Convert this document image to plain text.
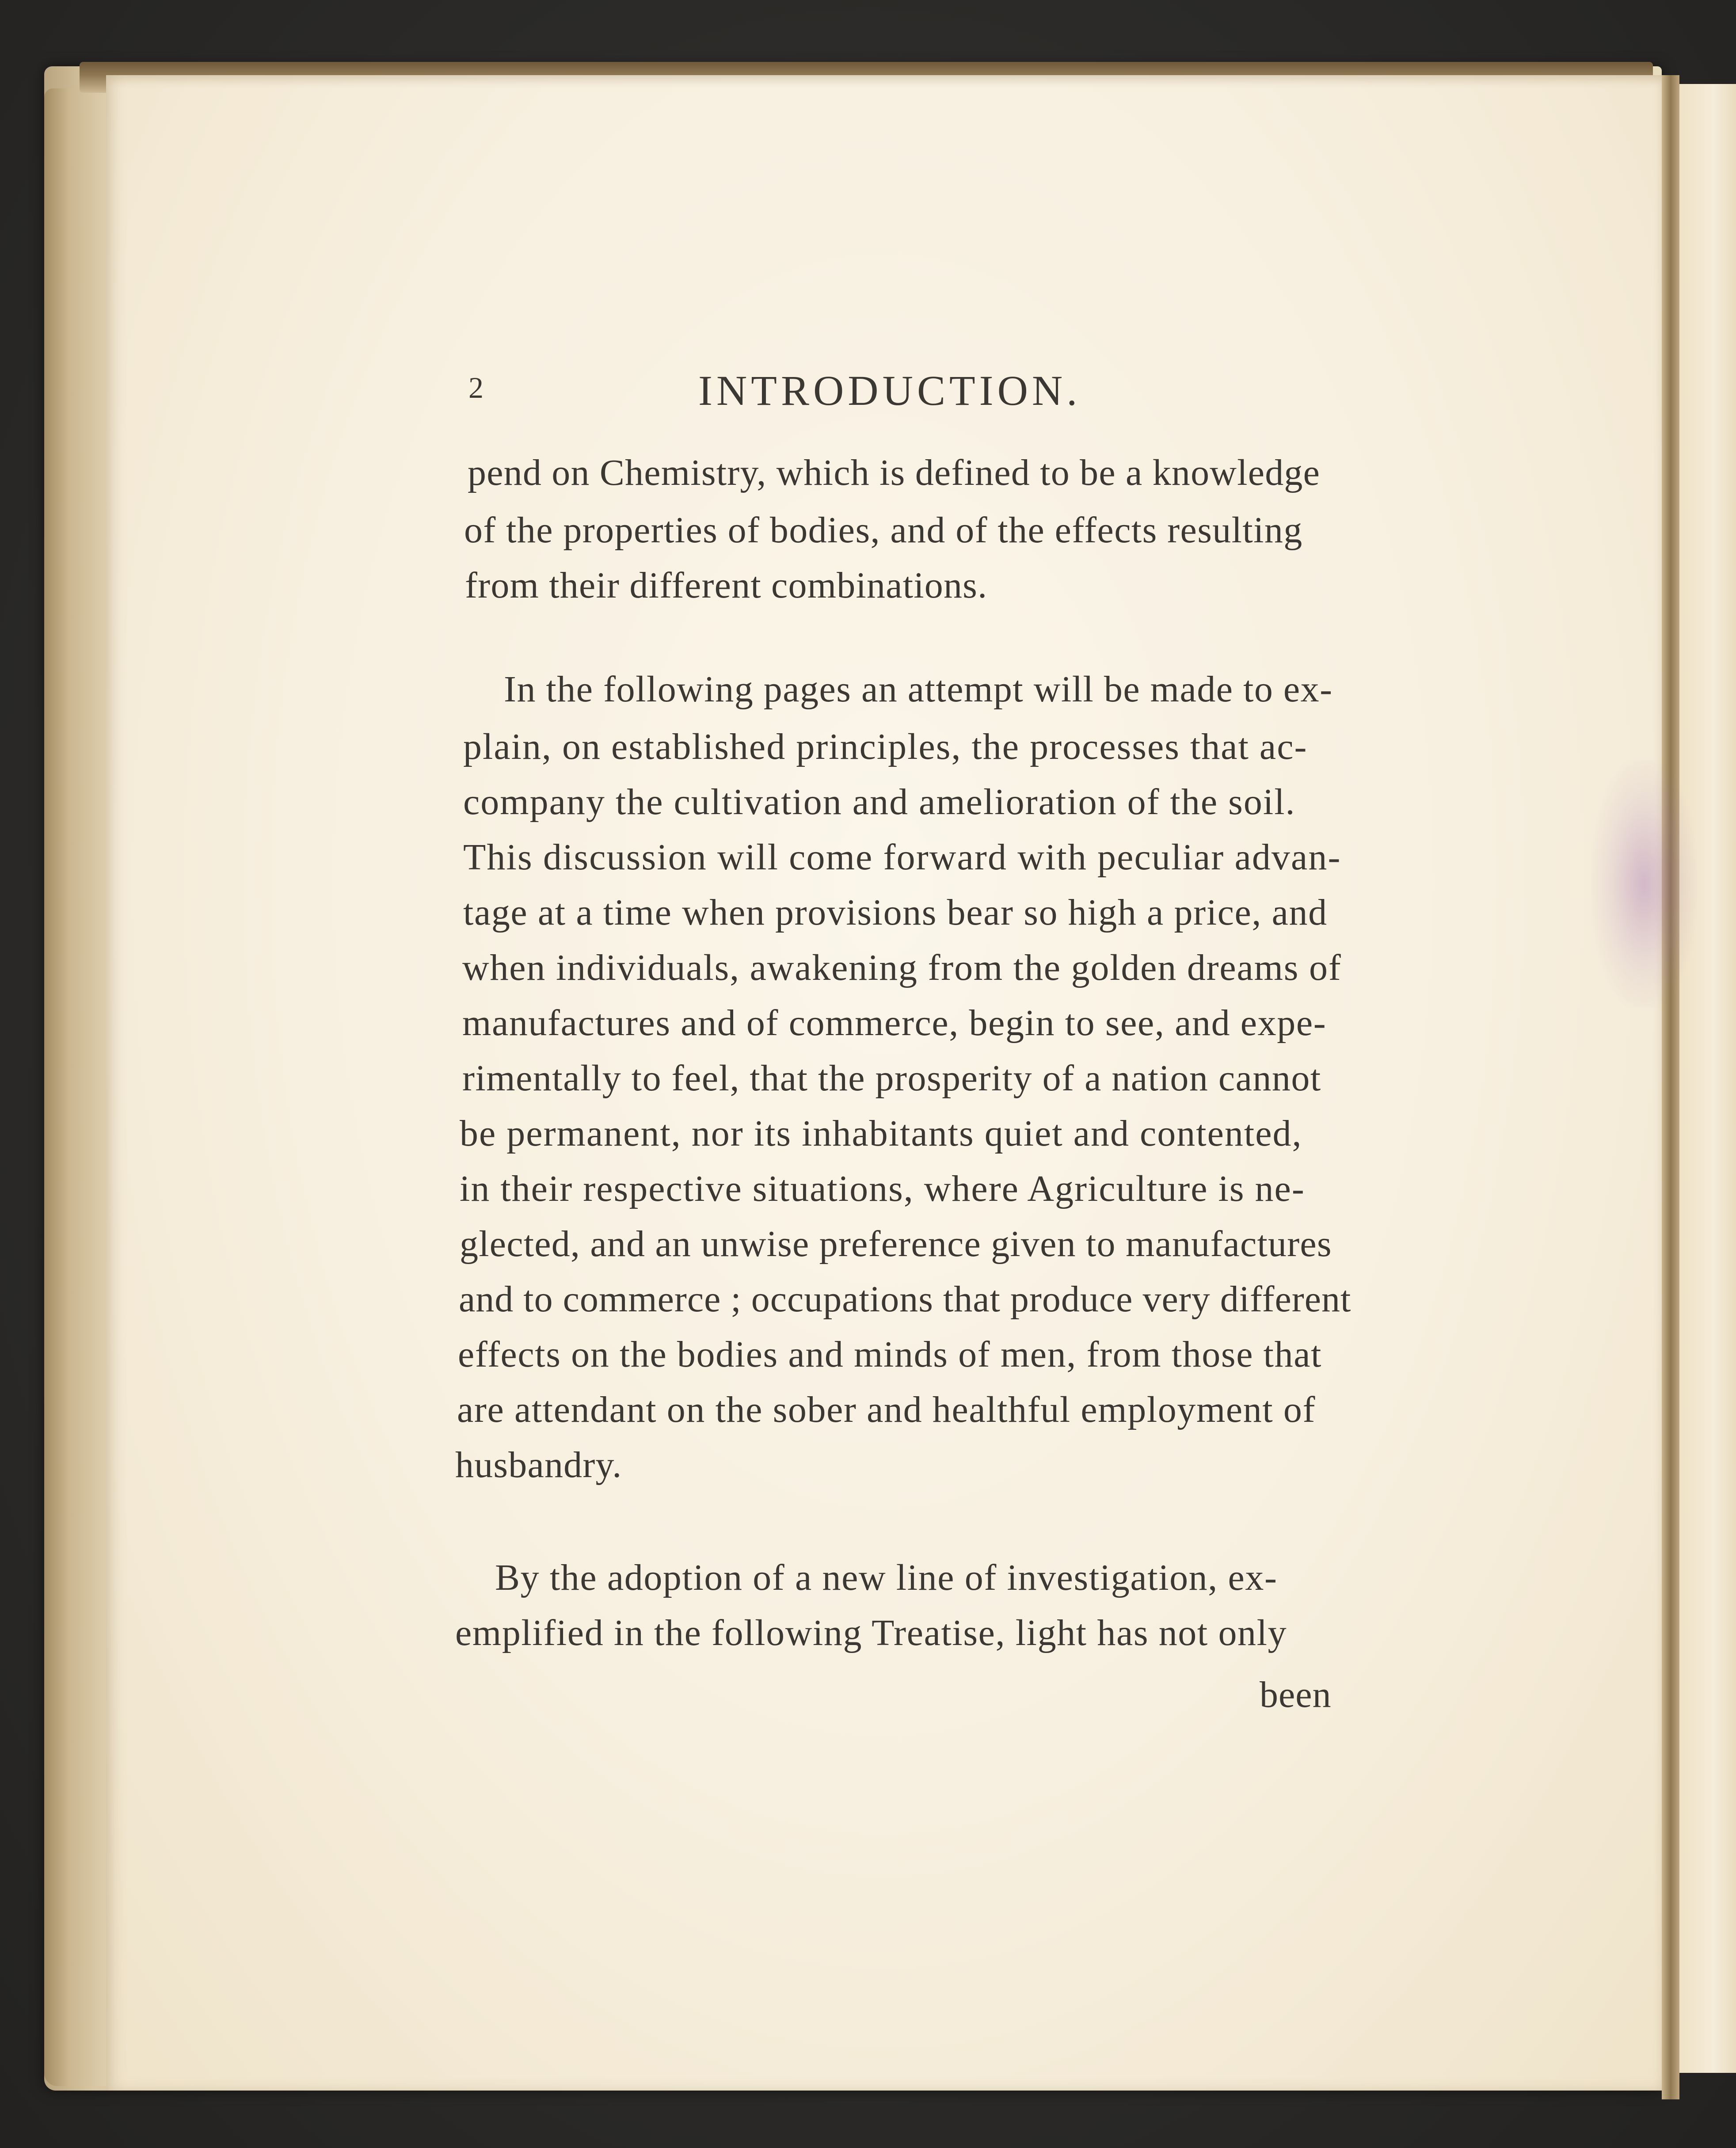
2	INTRODUCTION.
pend on Chemistry, which is defined to be a knowledge
of the properties of bodies, and of the effects resulting
from their different combinations.
In the following pages an attempt will be made to ex-
plain, on established principles, the processes that ac-
company the cultivation and amelioration of the soil.
This discussion will come forward with peculiar advan-
tage at a time when provisions bear so high a price, and
when individuals, awakening from the golden dreams of
manufactures and of commerce, begin to see, and expe-
rimentally to feel, that the prosperity of a nation cannot
be permanent, nor its inhabitants quiet and contented,
in their respective situations, where Agriculture is ne-
glected, and an unwise preference given to manufactures
and to commerce ; occupations that produce very different
effects on the bodies and minds of men, from those that
are attendant on the sober and healthful employment of
husbandry.
By the adoption of a new line of investigation, ex-
emplified in the following Treatise, light has not only
been
